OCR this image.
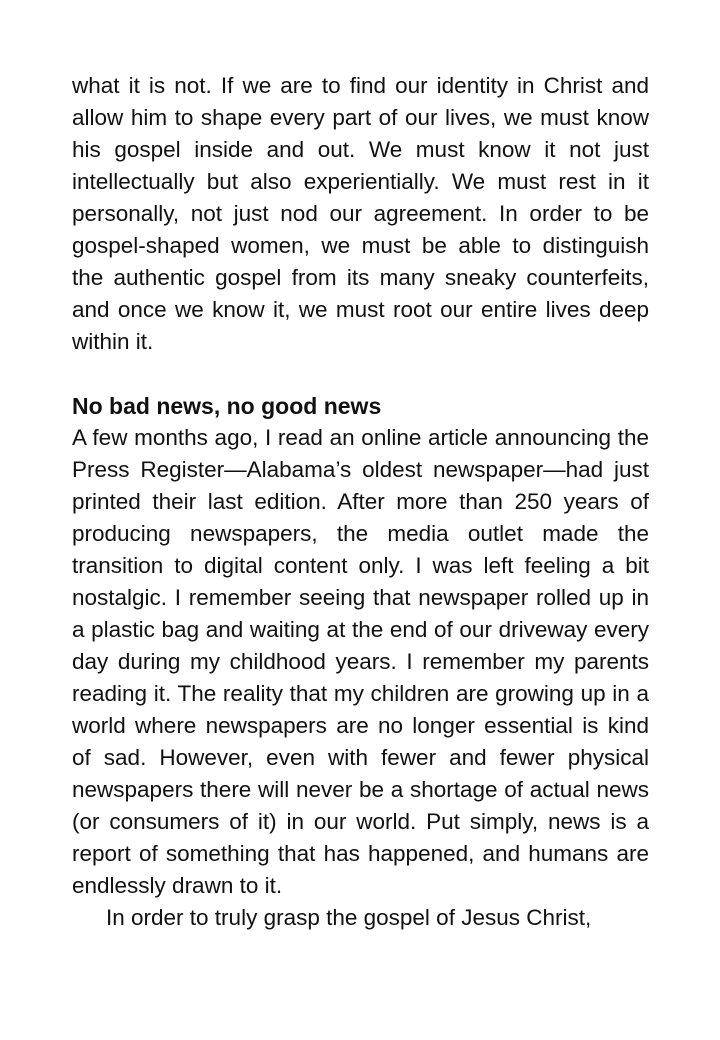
what it is not. If we are to find our identity in Christ and allow him to shape every part of our lives, we must know his gospel inside and out. We must know it not just intellectually but also experientially. We must rest in it personally, not just nod our agreement. In order to be gospel-shaped women, we must be able to distinguish the authentic gospel from its many sneaky counterfeits, and once we know it, we must root our entire lives deep within it.

No bad news, no good news

A few months ago, I read an online article announcing the Press Register—Alabama’s oldest newspaper—had just printed their last edition. After more than 250 years of producing newspapers, the media outlet made the transition to digital content only. I was left feeling a bit nostalgic. I remember seeing that newspaper rolled up in a plastic bag and waiting at the end of our driveway every day during my childhood years. I remember my parents reading it. The reality that my children are growing up in a world where newspapers are no longer essential is kind of sad. However, even with fewer and fewer physical newspapers there will never be a shortage of actual news (or consumers of it) in our world. Put simply, news is a report of something that has happened, and humans are endlessly drawn to it.

In order to truly grasp the gospel of Jesus Christ,
